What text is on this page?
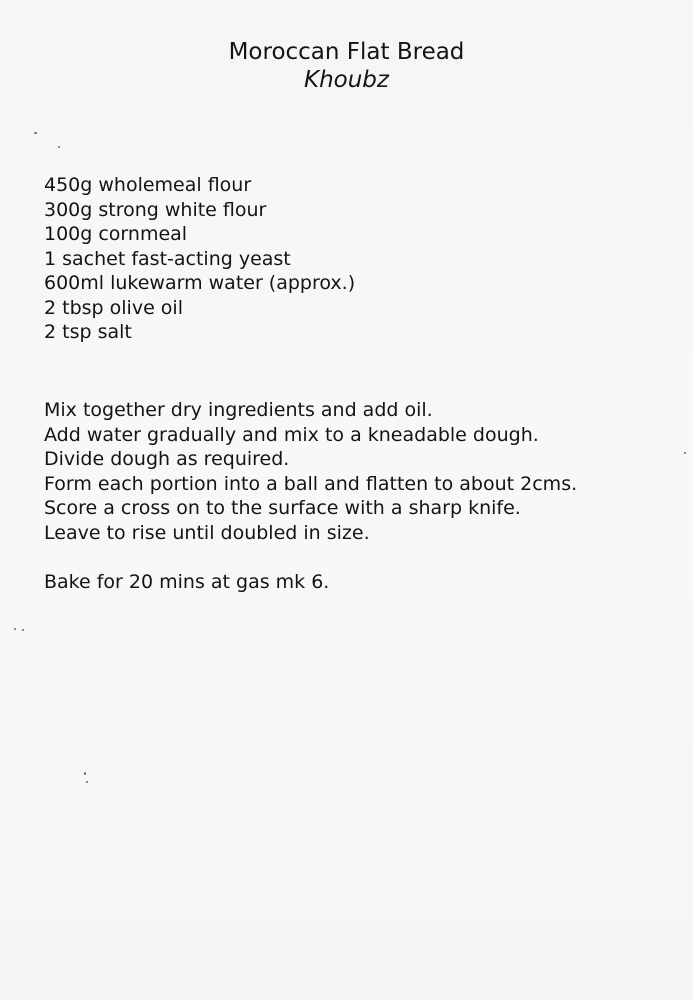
Moroccan Flat Bread
Khoubz
450g wholemeal flour
300g strong white flour
100g cornmeal
1 sachet fast-acting yeast
600ml lukewarm water (approx.)
2 tbsp olive oil
2 tsp salt
Mix together dry ingredients and add oil.
Add water gradually and mix to a kneadable dough.
Divide dough as required.
Form each portion into a ball and flatten to about 2cms.
Score a cross on to the surface with a sharp knife.
Leave to rise until doubled in size.
Bake for 20 mins at gas mk 6.
